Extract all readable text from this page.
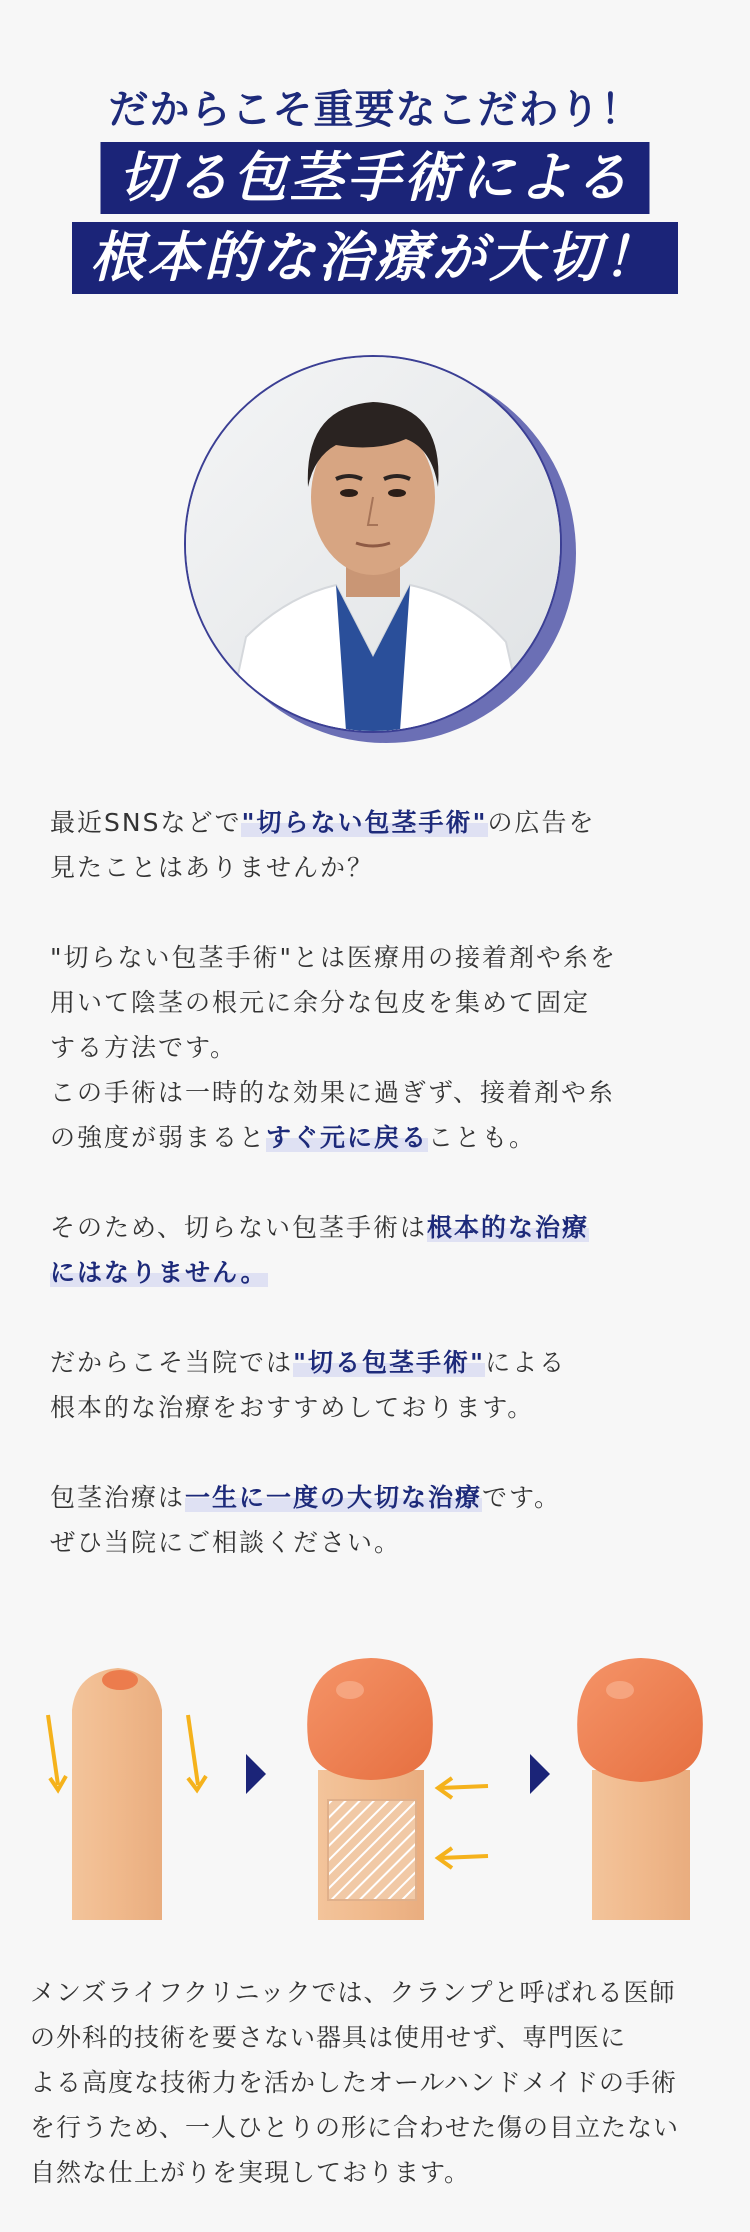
だからこそ重要なこだわり！
切る包茎手術による
根本的な治療が大切！

最近SNSなどで"切らない包茎手術"の広告を
見たことはありませんか？

"切らない包茎手術"とは医療用の接着剤や糸を
用いて陰茎の根元に余分な包皮を集めて固定
する方法です。
この手術は一時的な効果に過ぎず、接着剤や糸
の強度が弱まるとすぐ元に戻ることも。

そのため、切らない包茎手術は根本的な治療
にはなりません。

だからこそ当院では"切る包茎手術"による
根本的な治療をおすすめしております。

包茎治療は一生に一度の大切な治療です。
ぜひ当院にご相談ください。

メンズライフクリニックでは、クランプと呼ばれる医師
の外科的技術を要さない器具は使用せず、専門医に
よる高度な技術力を活かしたオールハンドメイドの手術
を行うため、一人ひとりの形に合わせた傷の目立たない
自然な仕上がりを実現しております。
